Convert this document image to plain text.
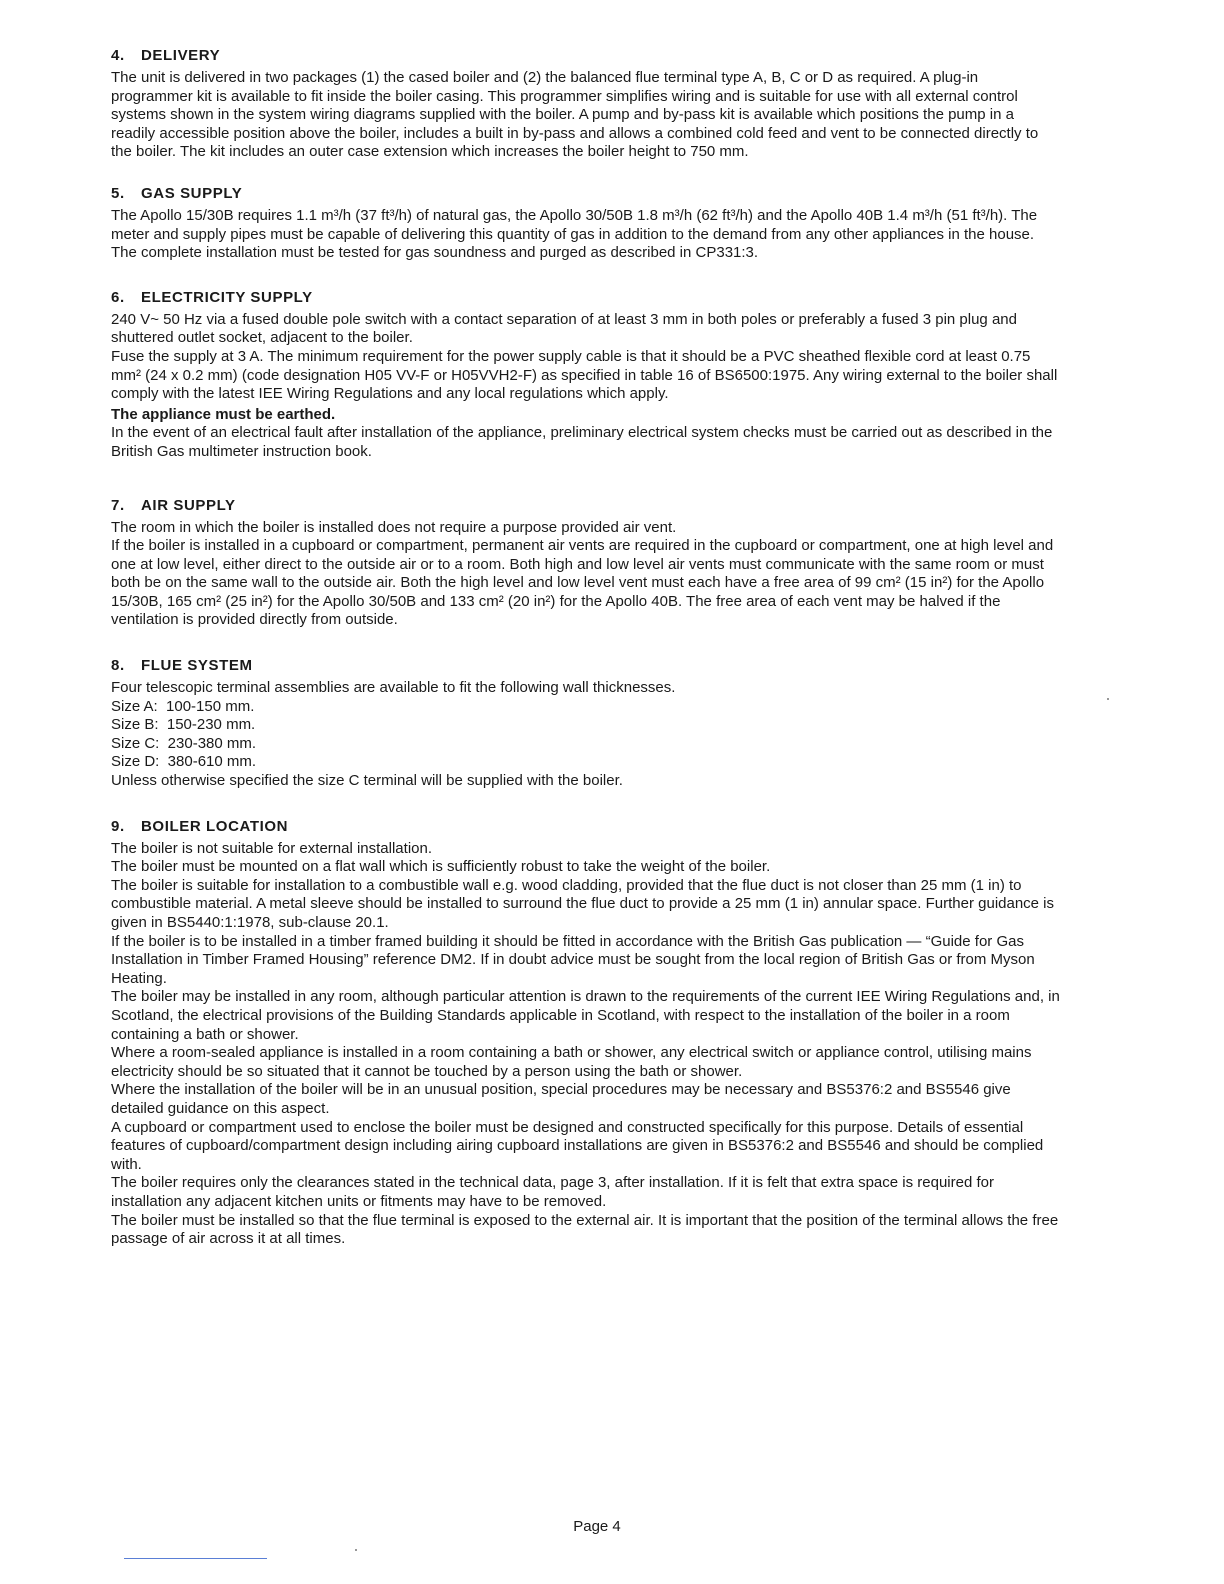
4. DELIVERY

The unit is delivered in two packages (1) the cased boiler and (2) the balanced flue terminal type A, B, C or D as required. A plug-in programmer kit is available to fit inside the boiler casing. This programmer simplifies wiring and is suitable for use with all external control systems shown in the system wiring diagrams supplied with the boiler. A pump and by-pass kit is available which positions the pump in a readily accessible position above the boiler, includes a built in by-pass and allows a combined cold feed and vent to be connected directly to the boiler. The kit includes an outer case extension which increases the boiler height to 750 mm.

5. GAS SUPPLY

The Apollo 15/30B requires 1.1 m³/h (37 ft³/h) of natural gas, the Apollo 30/50B 1.8 m³/h (62 ft³/h) and the Apollo 40B 1.4 m³/h (51 ft³/h). The meter and supply pipes must be capable of delivering this quantity of gas in addition to the demand from any other appliances in the house.

The complete installation must be tested for gas soundness and purged as described in CP331:3.

6. ELECTRICITY SUPPLY

240 V~ 50 Hz via a fused double pole switch with a contact separation of at least 3 mm in both poles or preferably a fused 3 pin plug and shuttered outlet socket, adjacent to the boiler.

Fuse the supply at 3 A. The minimum requirement for the power supply cable is that it should be a PVC sheathed flexible cord at least 0.75 mm² (24 x 0.2 mm) (code designation H05 VV-F or H05VVH2-F) as specified in table 16 of BS6500:1975. Any wiring external to the boiler shall comply with the latest IEE Wiring Regulations and any local regulations which apply.

The appliance must be earthed.

In the event of an electrical fault after installation of the appliance, preliminary electrical system checks must be carried out as described in the British Gas multimeter instruction book.

7. AIR SUPPLY

The room in which the boiler is installed does not require a purpose provided air vent.

If the boiler is installed in a cupboard or compartment, permanent air vents are required in the cupboard or compartment, one at high level and one at low level, either direct to the outside air or to a room. Both high and low level air vents must communicate with the same room or must both be on the same wall to the outside air. Both the high level and low level vent must each have a free area of 99 cm² (15 in²) for the Apollo 15/30B, 165 cm² (25 in²) for the Apollo 30/50B and 133 cm² (20 in²) for the Apollo 40B. The free area of each vent may be halved if the ventilation is provided directly from outside.

8. FLUE SYSTEM

Four telescopic terminal assemblies are available to fit the following wall thicknesses.

Size A:  100-150 mm.
Size B:  150-230 mm.
Size C:  230-380 mm.
Size D:  380-610 mm.

Unless otherwise specified the size C terminal will be supplied with the boiler.

9. BOILER LOCATION

The boiler is not suitable for external installation.

The boiler must be mounted on a flat wall which is sufficiently robust to take the weight of the boiler.

The boiler is suitable for installation to a combustible wall e.g. wood cladding, provided that the flue duct is not closer than 25 mm (1 in) to combustible material. A metal sleeve should be installed to surround the flue duct to provide a 25 mm (1 in) annular space. Further guidance is given in BS5440:1:1978, sub-clause 20.1.

If the boiler is to be installed in a timber framed building it should be fitted in accordance with the British Gas publication — “Guide for Gas Installation in Timber Framed Housing” reference DM2. If in doubt advice must be sought from the local region of British Gas or from Myson Heating.

The boiler may be installed in any room, although particular attention is drawn to the requirements of the current IEE Wiring Regulations and, in Scotland, the electrical provisions of the Building Standards applicable in Scotland, with respect to the installation of the boiler in a room containing a bath or shower.

Where a room-sealed appliance is installed in a room containing a bath or shower, any electrical switch or appliance control, utilising mains electricity should be so situated that it cannot be touched by a person using the bath or shower.

Where the installation of the boiler will be in an unusual position, special procedures may be necessary and BS5376:2 and BS5546 give detailed guidance on this aspect.

A cupboard or compartment used to enclose the boiler must be designed and constructed specifically for this purpose. Details of essential features of cupboard/compartment design including airing cupboard installations are given in BS5376:2 and BS5546 and should be complied with.

The boiler requires only the clearances stated in the technical data, page 3, after installation. If it is felt that extra space is required for installation any adjacent kitchen units or fitments may have to be removed.

The boiler must be installed so that the flue terminal is exposed to the external air. It is important that the position of the terminal allows the free passage of air across it at all times.

Page 4
